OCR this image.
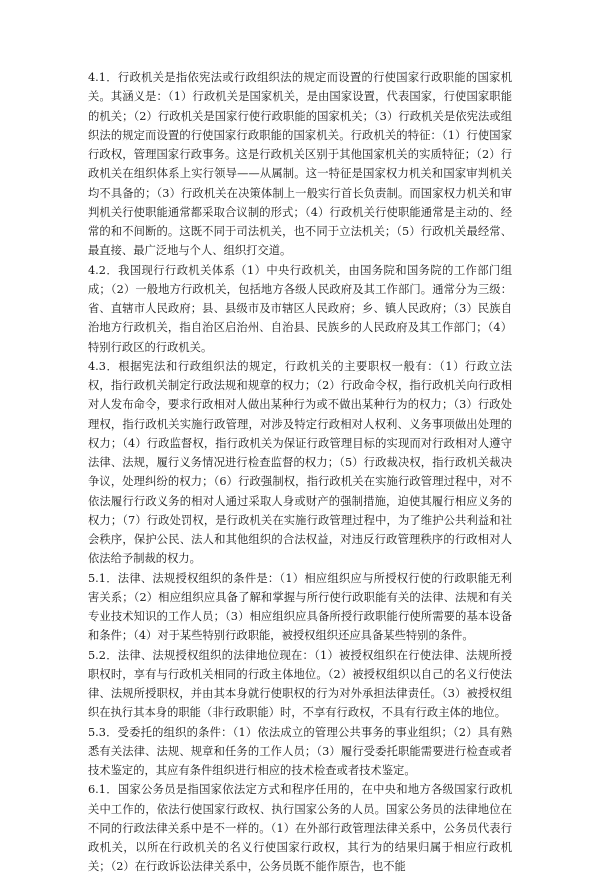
4.1．行政机关是指依宪法或行政组织法的规定而设置的行使国家行政职能的国家机关。其涵义是：（1）行政机关是国家机关，是由国家设置，代表国家，行使国家职能的机关；（2）行政机关是国家行使行政职能的国家机关；（3）行政机关是依宪法或组织法的规定而设置的行使国家行政职能的国家机关。行政机关的特征：（1）行使国家行政权，管理国家行政事务。这是行政机关区别于其他国家机关的实质特征；（2）行政机关在组织体系上实行领导——从属制。这一特征是国家权力机关和国家审判机关均不具备的；（3）行政机关在决策体制上一般实行首长负责制。而国家权力机关和审判机关行使职能通常都采取合议制的形式；（4）行政机关行使职能通常是主动的、经常的和不间断的。这既不同于司法机关，也不同于立法机关；（5）行政机关最经常、最直接、最广泛地与个人、组织打交道。

4.2．我国现行行政机关体系（1）中央行政机关，由国务院和国务院的工作部门组成；（2）一般地方行政机关，包括地方各级人民政府及其工作部门。通常分为三级：省、直辖市人民政府；县、县级市及市辖区人民政府；乡、镇人民政府；（3）民族自治地方行政机关，指自治区启治州、自治县、民族乡的人民政府及其工作部门；（4）特别行政区的行政机关。

4.3．根据宪法和行政组织法的规定，行政机关的主要职权一般有：（1）行政立法权，指行政机关制定行政法规和规章的权力；（2）行政命令权，指行政机关向行政相对人发布命令，要求行政相对人做出某种行为或不做出某种行为的权力；（3）行政处理权，指行政机关实施行政管理，对涉及特定行政相对人权利、义务事项做出处理的权力；（4）行政监督权，指行政机关为保证行政管理目标的实现而对行政相对人遵守法律、法规，履行义务情况进行检查监督的权力；（5）行政裁决权，指行政机关裁决争议，处理纠纷的权力；（6）行政强制权，指行政机关在实施行政管理过程中，对不依法履行行政义务的相对人通过采取人身或财产的强制措施，迫使其履行相应义务的权力；（7）行政处罚权，是行政机关在实施行政管理过程中，为了维护公共利益和社会秩序，保护公民、法人和其他组织的合法权益，对违反行政管理秩序的行政相对人依法给予制裁的权力。

5.1．法律、法规授权组织的条件是：（1）相应组织应与所授权行使的行政职能无利害关系；（2）相应组织应具备了解和掌握与所行使行政职能有关的法律、法规和有关专业技术知识的工作人员；（3）相应组织应具备所授行政职能行使所需要的基本设备和条件；（4）对于某些特别行政职能，被授权组织还应具备某些特别的条件。

5.2．法律、法规授权组织的法律地位现在：（1）被授权组织在行使法律、法规所授职权时，享有与行政机关相同的行政主体地位。（2）被授权组织以自己的名义行使法律、法规所授职权，并由其本身就行使职权的行为对外承担法律责任。（3）被授权组织在执行其本身的职能（非行政职能）时，不享有行政权，不具有行政主体的地位。

5.3．受委托的组织的条件：（1）依法成立的管理公共事务的事业组织；（2）具有熟悉有关法律、法规、规章和任务的工作人员；（3）履行受委托职能需要进行检查或者技术鉴定的，其应有条件组织进行相应的技术检查或者技术鉴定。

6.1．国家公务员是指国家依法定方式和程序任用的，在中央和地方各级国家行政机关中工作的，依法行使国家行政权、执行国家公务的人员。国家公务员的法律地位在不同的行政法律关系中是不一样的。（1）在外部行政管理法律关系中，公务员代表行政机关，以所在行政机关的名义行使国家行政权，其行为的结果归属于相应行政机关；（2）在行政诉讼法律关系中，公务员既不能作原告，也不能
